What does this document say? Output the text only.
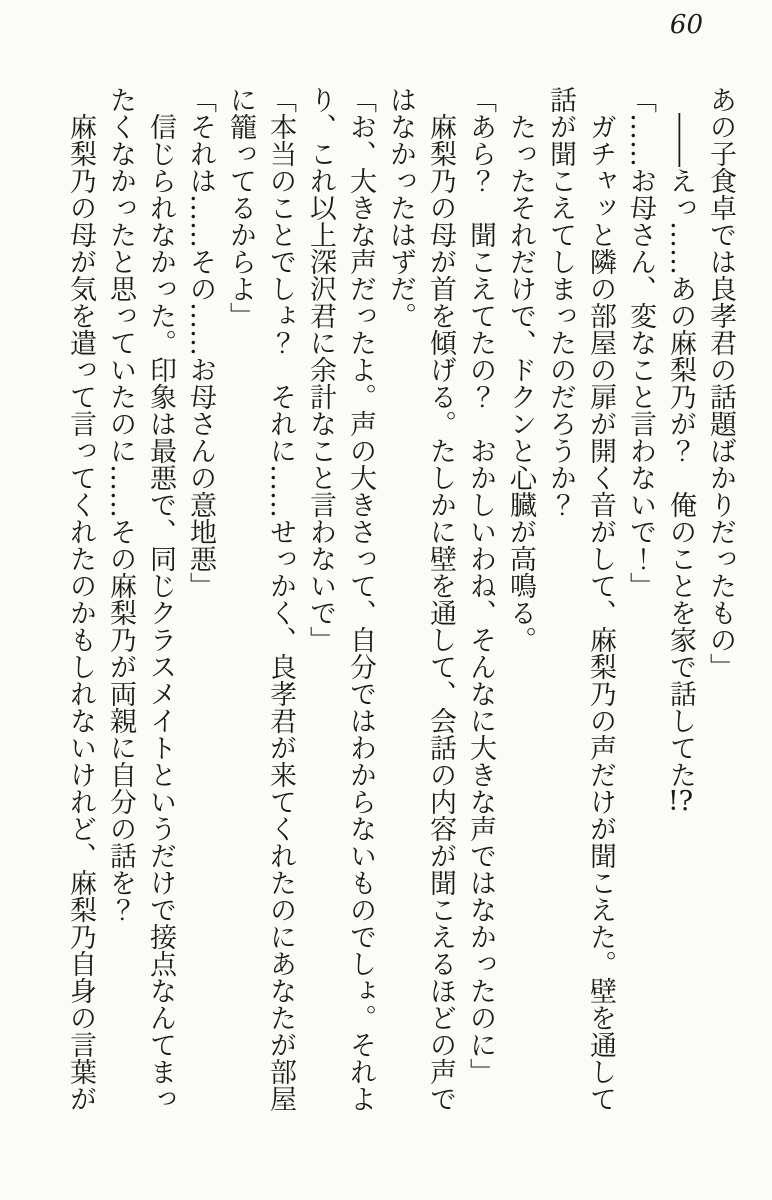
60

あの子食卓では良孝君の話題ばかりだったもの」

――えっ……あの麻梨乃が？　俺のことを家で話してた!?

「……お母さん、変なこと言わないで！」

ガチャッと隣の部屋の扉が開く音がして、麻梨乃の声だけが聞こえた。壁を通して話が聞こえてしまったのだろうか？

たったそれだけで、ドクンと心臓が高鳴る。

「あら？　聞こえてたの？　おかしいわね、そんなに大きな声ではなかったのに」

麻梨乃の母が首を傾げる。たしかに壁を通して、会話の内容が聞こえるほどの声ではなかったはずだ。

「お、大きな声だったよ。声の大きさって、自分ではわからないものでしょ。それより、これ以上深沢君に余計なこと言わないで」

「本当のことでしょ？　それに……せっかく、良孝君が来てくれたのにあなたが部屋に籠ってるからよ」

「それは……その……お母さんの意地悪」

信じられなかった。印象は最悪で、同じクラスメイトというだけで接点なんてまったくなかったと思っていたのに……その麻梨乃が両親に自分の話を？

麻梨乃の母が気を遣って言ってくれたのかもしれないけれど、麻梨乃自身の言葉が
